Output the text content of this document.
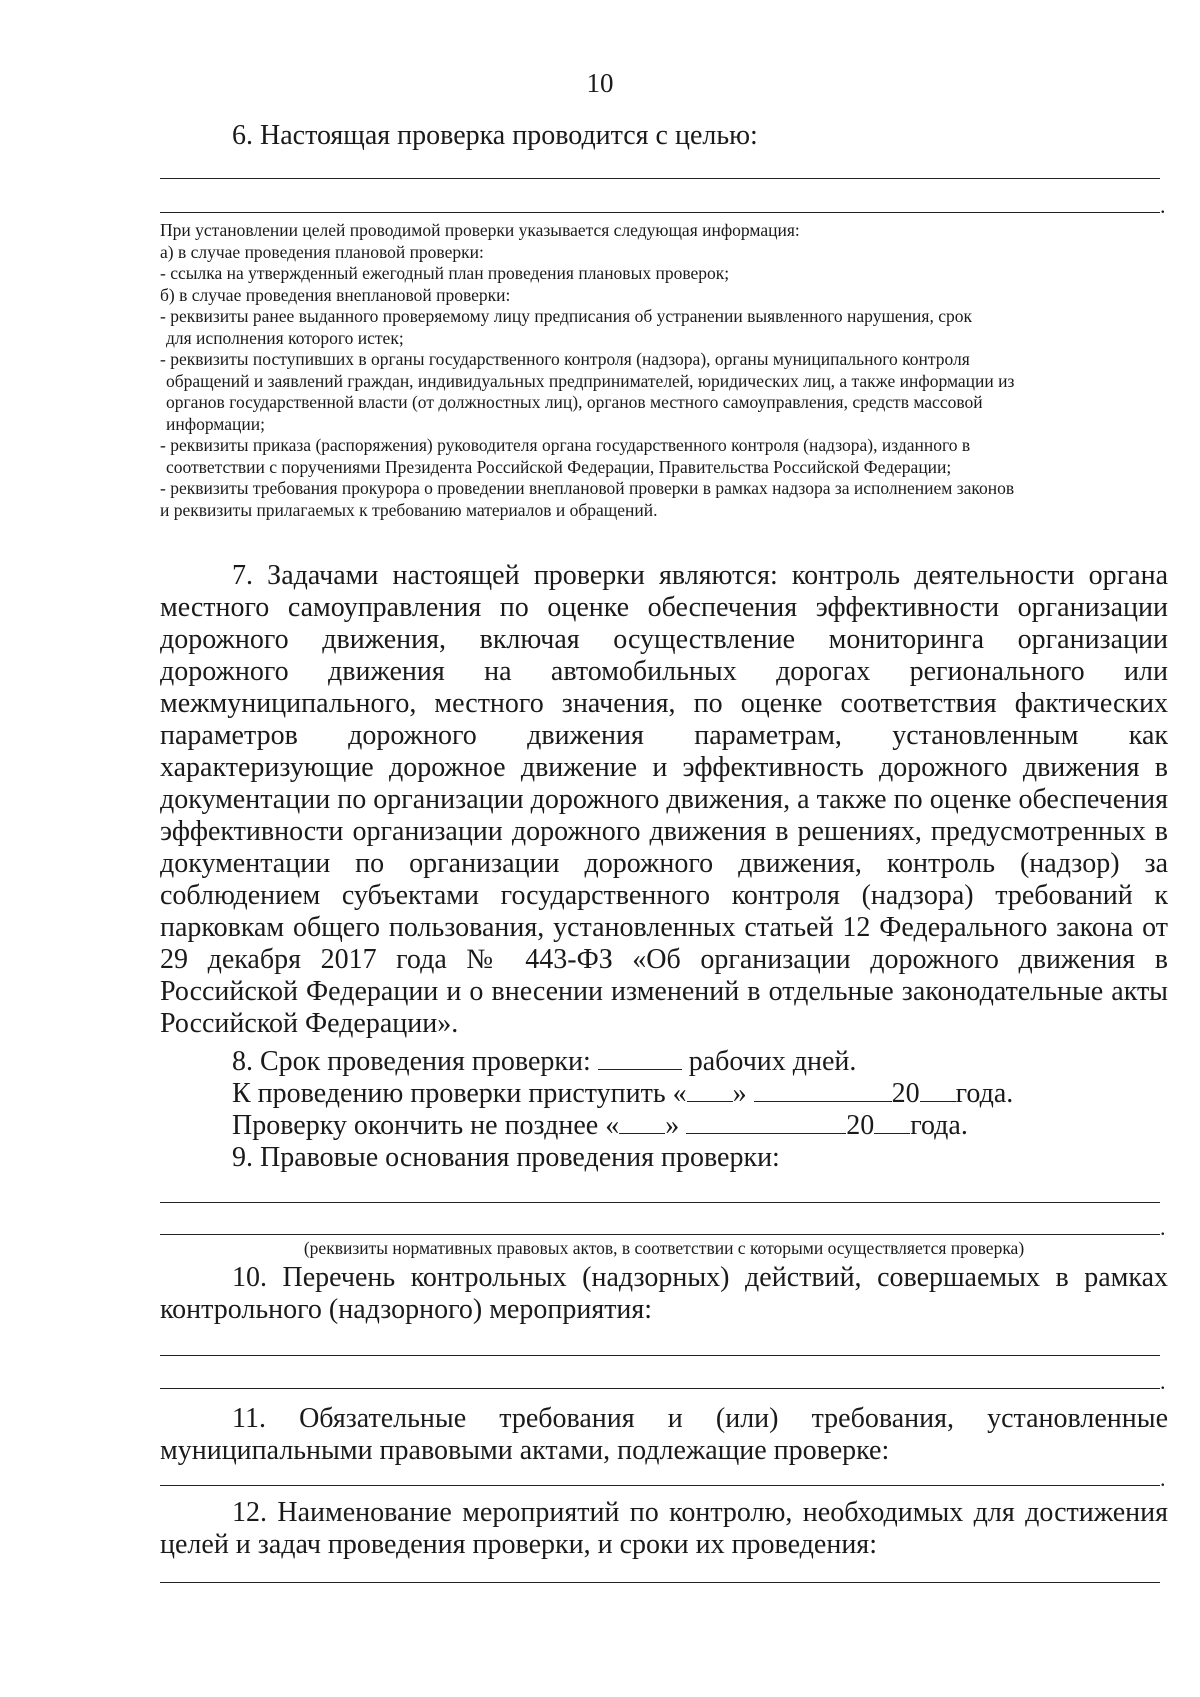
10
6. Настоящая проверка проводится с целью:
.
При установлении целей проводимой проверки указывается следующая информация:
а) в случае проведения плановой проверки:
- ссылка на утвержденный ежегодный план проведения плановых проверок;
б) в случае проведения внеплановой проверки:
- реквизиты ранее выданного проверяемому лицу предписания об устранении выявленного нарушения, срок
для исполнения которого истек;
- реквизиты поступивших в органы государственного контроля (надзора), органы муниципального контроля
обращений и заявлений граждан, индивидуальных предпринимателей, юридических лиц, а также информации из
органов государственной власти (от должностных лиц), органов местного самоуправления, средств массовой
информации;
- реквизиты приказа (распоряжения) руководителя органа государственного контроля (надзора), изданного в
соответствии с поручениями Президента Российской Федерации, Правительства Российской Федерации;
- реквизиты требования прокурора о проведении внеплановой проверки в рамках надзора за исполнением законов
и реквизиты прилагаемых к требованию материалов и обращений.
7. Задачами настоящей проверки являются: контроль деятельности органа местного самоуправления по оценке обеспечения эффективности организации дорожного движения, включая осуществление мониторинга организации дорожного движения на автомобильных дорогах регионального или межмуниципального, местного значения, по оценке соответствия фактических параметров дорожного движения параметрам, установленным как характеризующие дорожное движение и эффективность дорожного движения в документации по организации дорожного движения, а также по оценке обеспечения эффективности организации дорожного движения в решениях, предусмотренных в документации по организации дорожного движения, контроль (надзор) за соблюдением субъектами государственного контроля (надзора) требований к парковкам общего пользования, установленных статьей 12 Федерального закона от 29 декабря 2017 года № 443-ФЗ «Об организации дорожного движения в Российской Федерации и о внесении изменений в отдельные законодательные акты Российской Федерации».
8. Срок проведения проверки:	рабочих дней.
К проведению проверки приступить « »	20 года.
Проверку окончить не позднее « »	20 года.
9. Правовые основания проведения проверки:
.
(реквизиты нормативных правовых актов, в соответствии с которыми осуществляется проверка)
10. Перечень контрольных (надзорных) действий, совершаемых в рамках контрольного (надзорного) мероприятия:
.
11. Обязательные требования и (или) требования, установленные муниципальными правовыми актами, подлежащие проверке:
.
12. Наименование мероприятий по контролю, необходимых для достижения целей и задач проведения проверки, и сроки их проведения:
